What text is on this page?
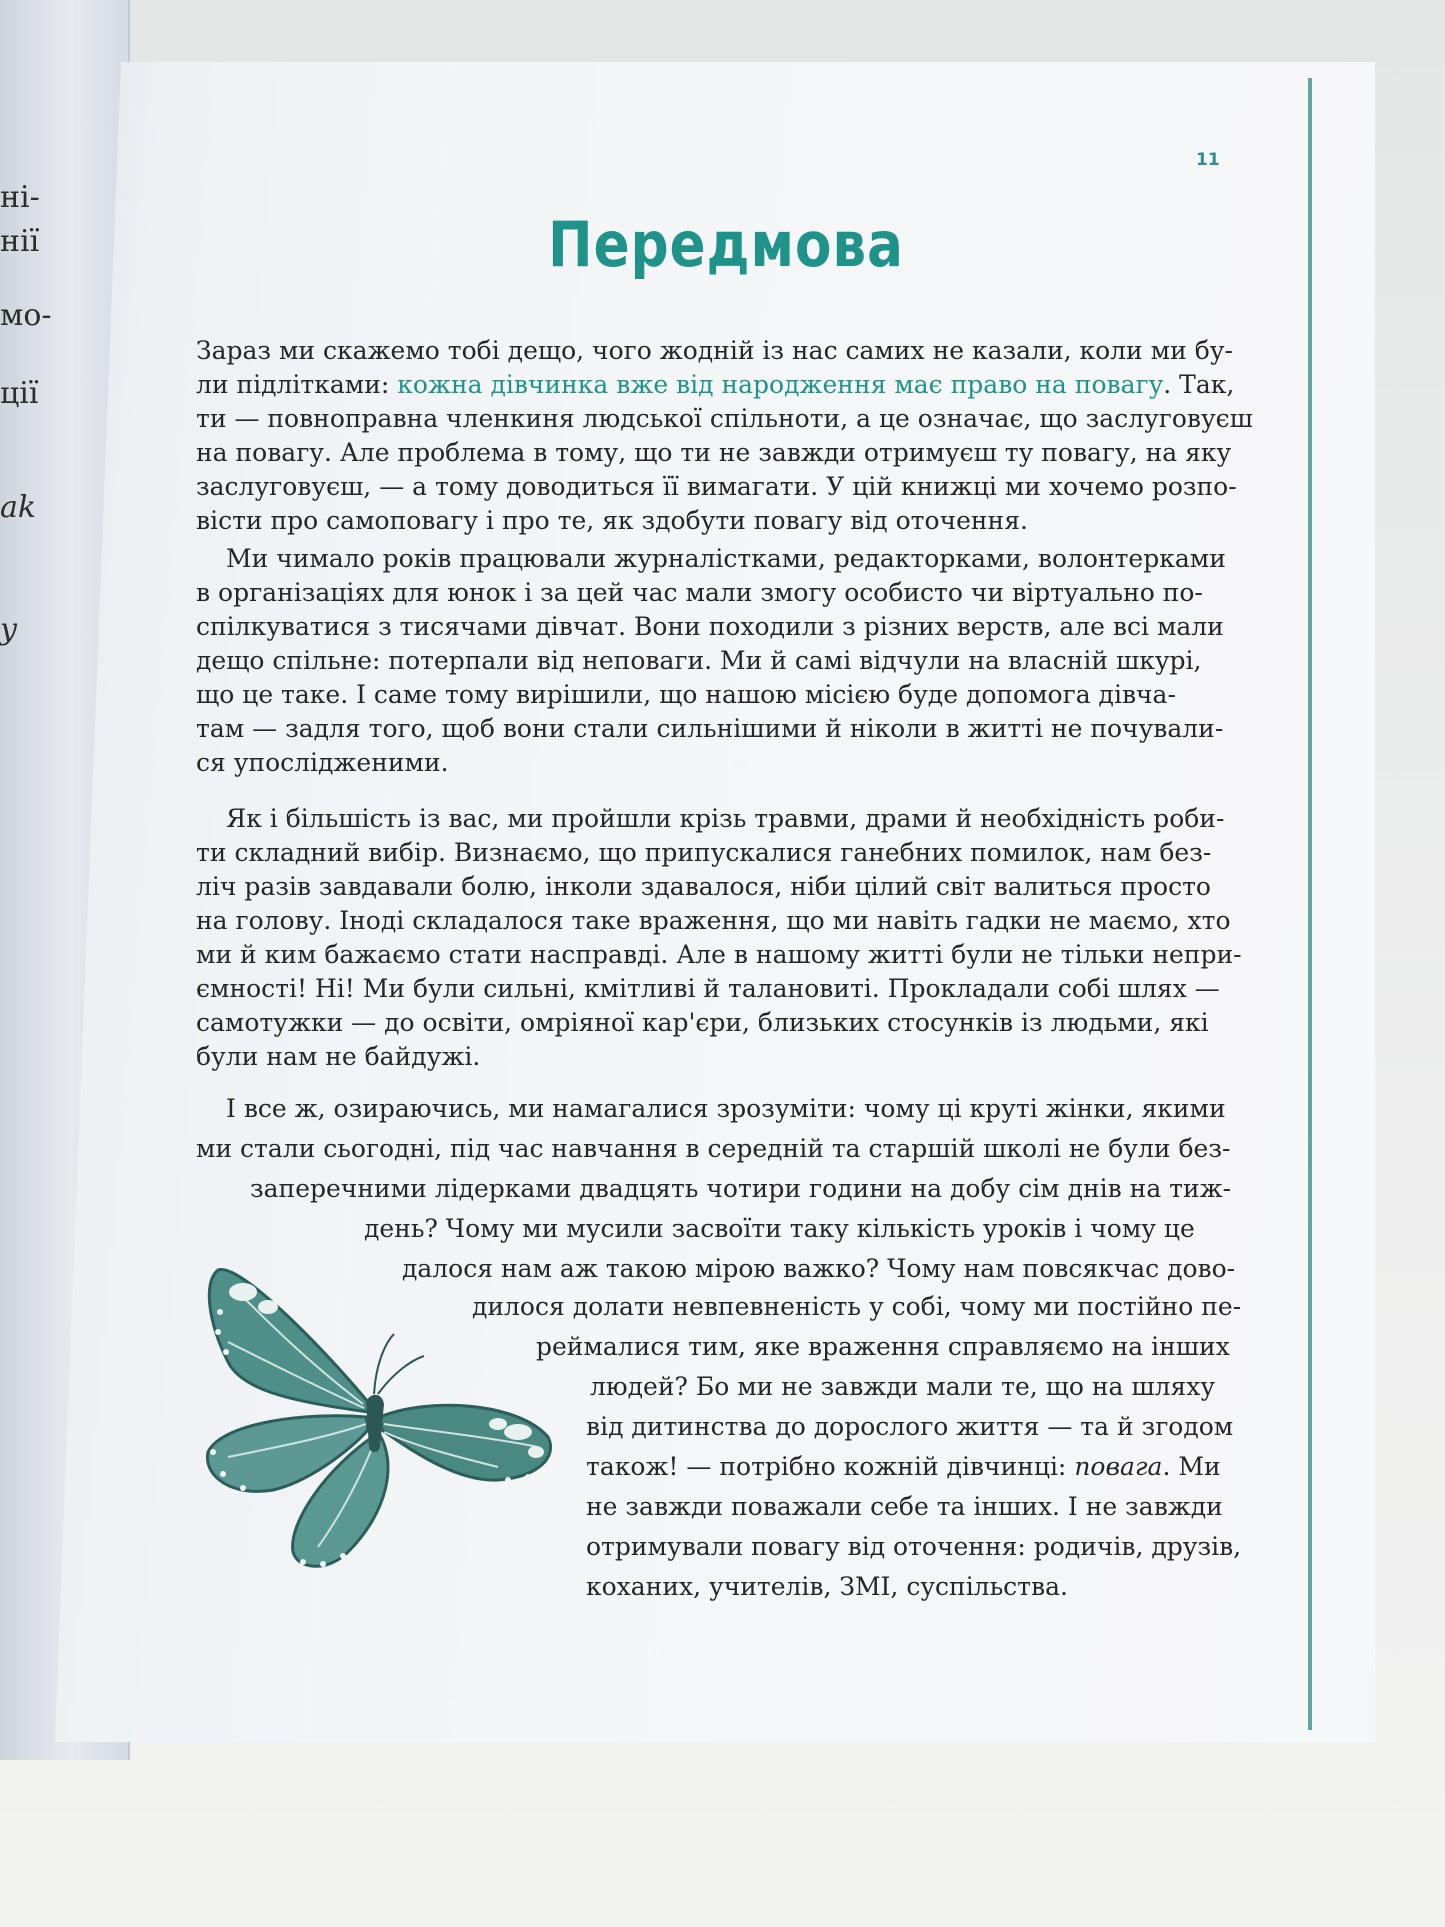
ні-
нії
мо-
ції
ak
у
11
Передмова
Зараз ми скажемо тобі дещо, чого жодній із нас самих не казали, коли ми бу-
ли підлітками: кожна дівчинка вже від народження має право на повагу. Так,
ти — повноправна членкиня людської спільноти, а це означає, що заслуговуєш
на повагу. Але проблема в тому, що ти не завжди отримуєш ту повагу, на яку
заслуговуєш, — а тому доводиться її вимагати. У цій книжці ми хочемо розпо-
вісти про самоповагу і про те, як здобути повагу від оточення.
Ми чимало років працювали журналістками, редакторками, волонтерками
в організаціях для юнок і за цей час мали змогу особисто чи віртуально по-
спілкуватися з тисячами дівчат. Вони походили з різних верств, але всі мали
дещо спільне: потерпали від неповаги. Ми й самі відчули на власній шкурі,
що це таке. І саме тому вирішили, що нашою місією буде допомога дівча-
там — задля того, щоб вони стали сильнішими й ніколи в житті не почували-
ся упослідженими.
Як і більшість із вас, ми пройшли крізь травми, драми й необхідність роби-
ти складний вибір. Визнаємо, що припускалися ганебних помилок, нам без-
ліч разів завдавали болю, інколи здавалося, ніби цілий світ валиться просто
на голову. Іноді складалося таке враження, що ми навіть гадки не маємо, хто
ми й ким бажаємо стати насправді. Але в нашому житті були не тільки непри-
ємності! Ні! Ми були сильні, кмітливі й талановиті. Прокладали собі шлях —
самотужки — до освіти, омріяної кар'єри, близьких стосунків із людьми, які
були нам не байдужі.
І все ж, озираючись, ми намагалися зрозуміти: чому ці круті жінки, якими
ми стали сьогодні, під час навчання в середній та старшій школі не були без-
заперечними лідерками двадцять чотири години на добу сім днів на тиж-
день? Чому ми мусили засвоїти таку кількість уроків і чому це
далося нам аж такою мірою важко? Чому нам повсякчас дово-
дилося долати невпевненість у собі, чому ми постійно пе-
реймалися тим, яке враження справляємо на інших
людей? Бо ми не завжди мали те, що на шляху
від дитинства до дорослого життя — та й згодом
також! — потрібно кожній дівчинці: повага. Ми
не завжди поважали себе та інших. І не завжди
отримували повагу від оточення: родичів, друзів,
коханих, учителів, ЗМІ, суспільства.
